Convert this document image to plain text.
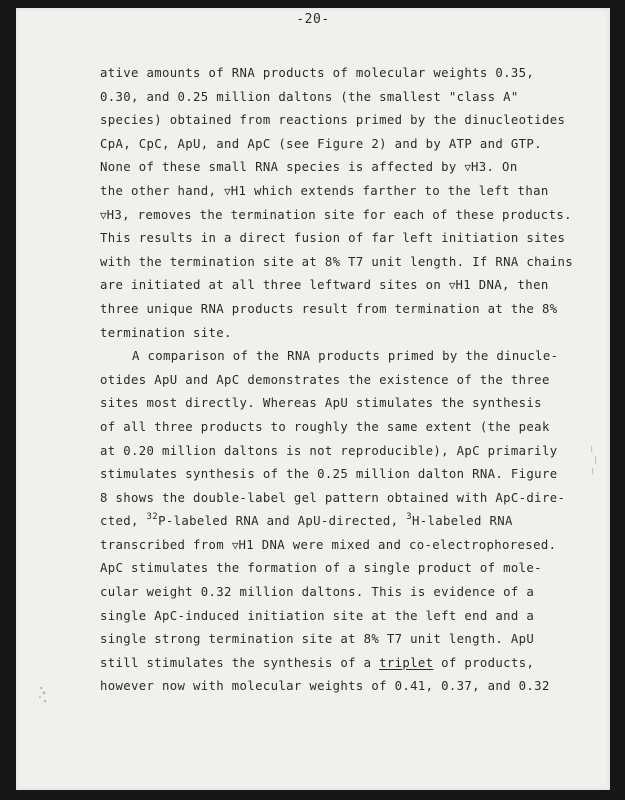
-20-
ative amounts of RNA products of molecular weights 0.35,
0.30, and 0.25 million daltons (the smallest "class A"
species) obtained from reactions primed by the dinucleotides
CpA, CpC, ApU, and ApC (see Figure 2) and by ATP and GTP.
None of these small RNA species is affected by ▽H3. On
the other hand, ▽H1 which extends farther to the left than
▽H3, removes the termination site for each of these products.
This results in a direct fusion of far left initiation sites
with the termination site at 8% T7 unit length. If RNA chains
are initiated at all three leftward sites on ▽H1 DNA, then
three unique RNA products result from termination at the 8%
termination site.
A comparison of the RNA products primed by the dinucle-
otides ApU and ApC demonstrates the existence of the three
sites most directly. Whereas ApU stimulates the synthesis
of all three products to roughly the same extent (the peak
at 0.20 million daltons is not reproducible), ApC primarily
stimulates synthesis of the 0.25 million dalton RNA. Figure
8 shows the double-label gel pattern obtained with ApC-dire-
cted, $^{32}$P-labeled RNA and ApU-directed, $^3$H-labeled RNA
transcribed from ▽H1 DNA were mixed and co-electrophoresed.
ApC stimulates the formation of a single product of mole-
cular weight 0.32 million daltons. This is evidence of a
single ApC-induced initiation site at the left end and a
single strong termination site at 8% T7 unit length. ApU
still stimulates the synthesis of a triplet of products,
however now with molecular weights of 0.41, 0.37, and 0.32
